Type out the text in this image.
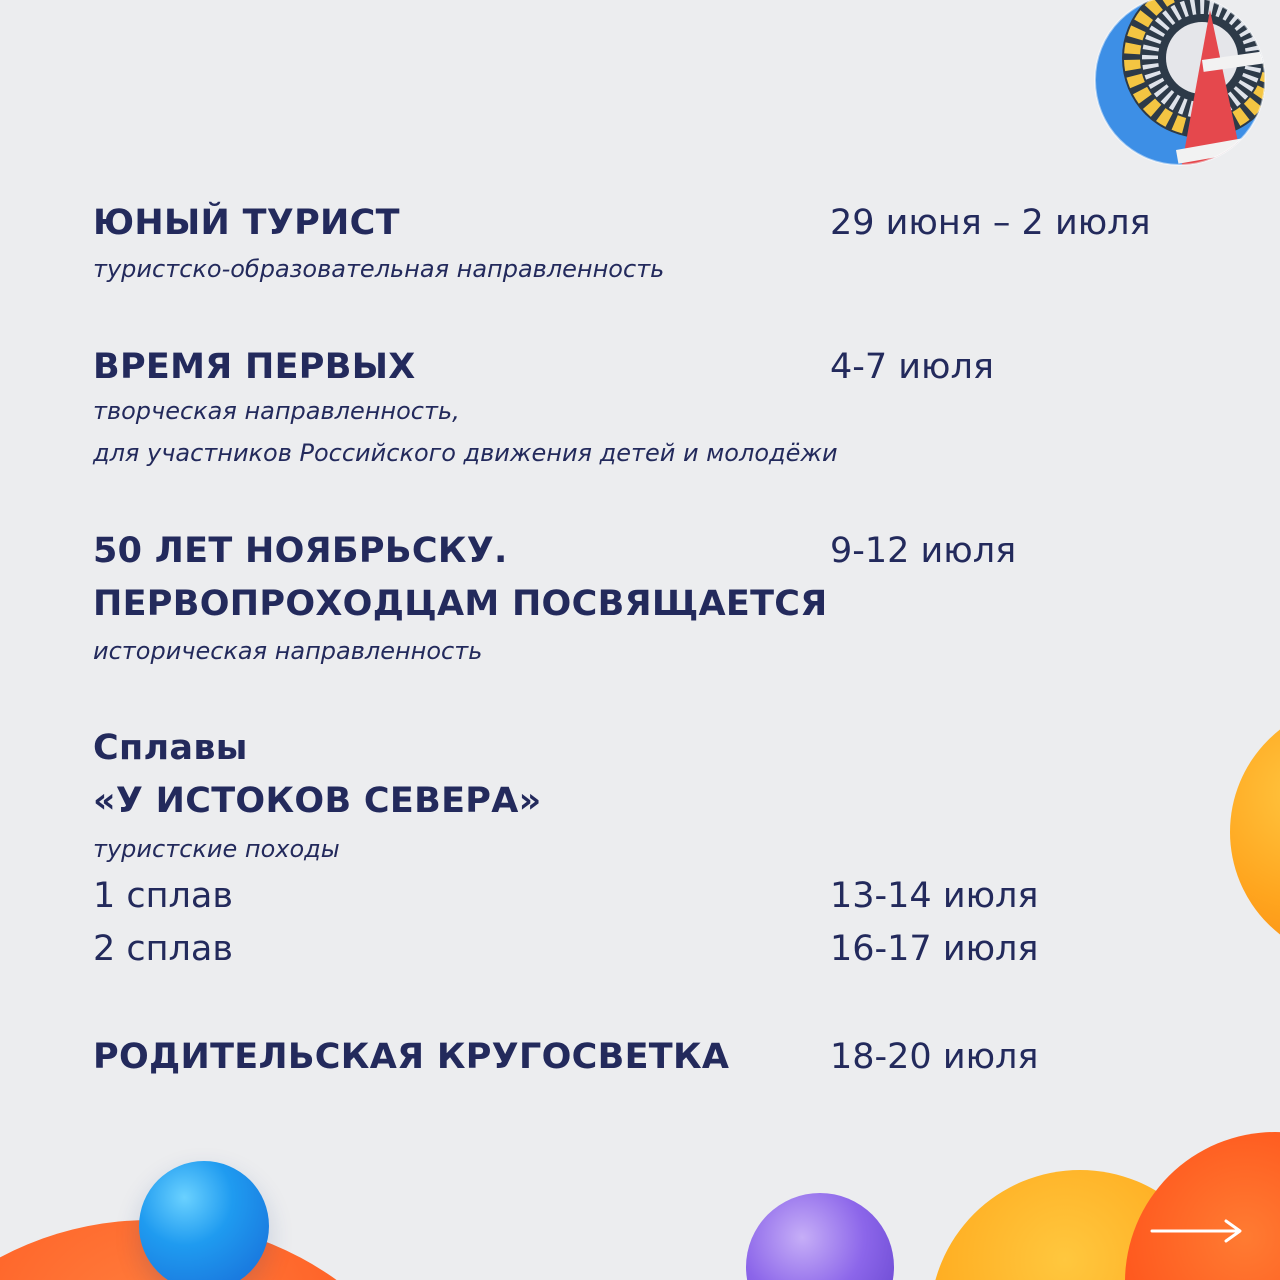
ЮНЫЙ ТУРИСТ	29 июня – 2 июля
туристско-образовательная направленность
ВРЕМЯ ПЕРВЫХ	4-7 июля
творческая направленность,
для участников Российского движения детей и молодёжи
50 ЛЕТ НОЯБРЬСКУ.	9-12 июля
ПЕРВОПРОХОДЦАМ ПОСВЯЩАЕТСЯ
историческая направленность
Сплавы
«У ИСТОКОВ СЕВЕРА»
туристские походы
1 сплав	13-14 июля
2 сплав	16-17 июля
РОДИТЕЛЬСКАЯ КРУГОСВЕТКА	18-20 июля
